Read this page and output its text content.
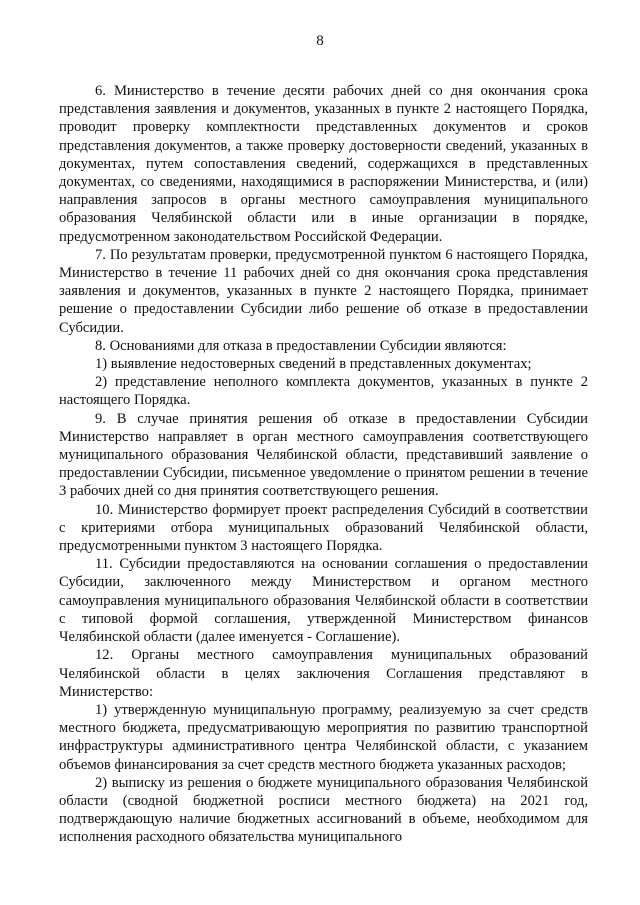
8

6. Министерство в течение десяти рабочих дней со дня окончания срока представления заявления и документов, указанных в пункте 2 настоящего Порядка, проводит проверку комплектности представленных документов и сроков представления документов, а также проверку достоверности сведений, указанных в документах, путем сопоставления сведений, содержащихся в представленных документах, со сведениями, находящимися в распоряжении Министерства, и (или) направления запросов в органы местного самоуправления муниципального образования Челябинской области или в иные организации в порядке, предусмотренном законодательством Российской Федерации.

7. По результатам проверки, предусмотренной пунктом 6 настоящего Порядка, Министерство в течение 11 рабочих дней со дня окончания срока представления заявления и документов, указанных в пункте 2 настоящего Порядка, принимает решение о предоставлении Субсидии либо решение об отказе в предоставлении Субсидии.

8. Основаниями для отказа в предоставлении Субсидии являются:

1) выявление недостоверных сведений в представленных документах;

2) представление неполного комплекта документов, указанных в пункте 2 настоящего Порядка.

9. В случае принятия решения об отказе в предоставлении Субсидии Министерство направляет в орган местного самоуправления соответствующего муниципального образования Челябинской области, представивший заявление о предоставлении Субсидии, письменное уведомление о принятом решении в течение 3 рабочих дней со дня принятия соответствующего решения.

10. Министерство формирует проект распределения Субсидий в соответствии с критериями отбора муниципальных образований Челябинской области, предусмотренными пунктом 3 настоящего Порядка.

11. Субсидии предоставляются на основании соглашения о предоставлении Субсидии, заключенного между Министерством и органом местного самоуправления муниципального образования Челябинской области в соответствии с типовой формой соглашения, утвержденной Министерством финансов Челябинской области (далее именуется - Соглашение).

12. Органы местного самоуправления муниципальных образований Челябинской области в целях заключения Соглашения представляют в Министерство:

1) утвержденную муниципальную программу, реализуемую за счет средств местного бюджета, предусматривающую мероприятия по развитию транспортной инфраструктуры административного центра Челябинской области, с указанием объемов финансирования за счет средств местного бюджета указанных расходов;

2) выписку из решения о бюджете муниципального образования Челябинской области (сводной бюджетной росписи местного бюджета) на 2021 год, подтверждающую наличие бюджетных ассигнований в объеме, необходимом для исполнения расходного обязательства муниципального
